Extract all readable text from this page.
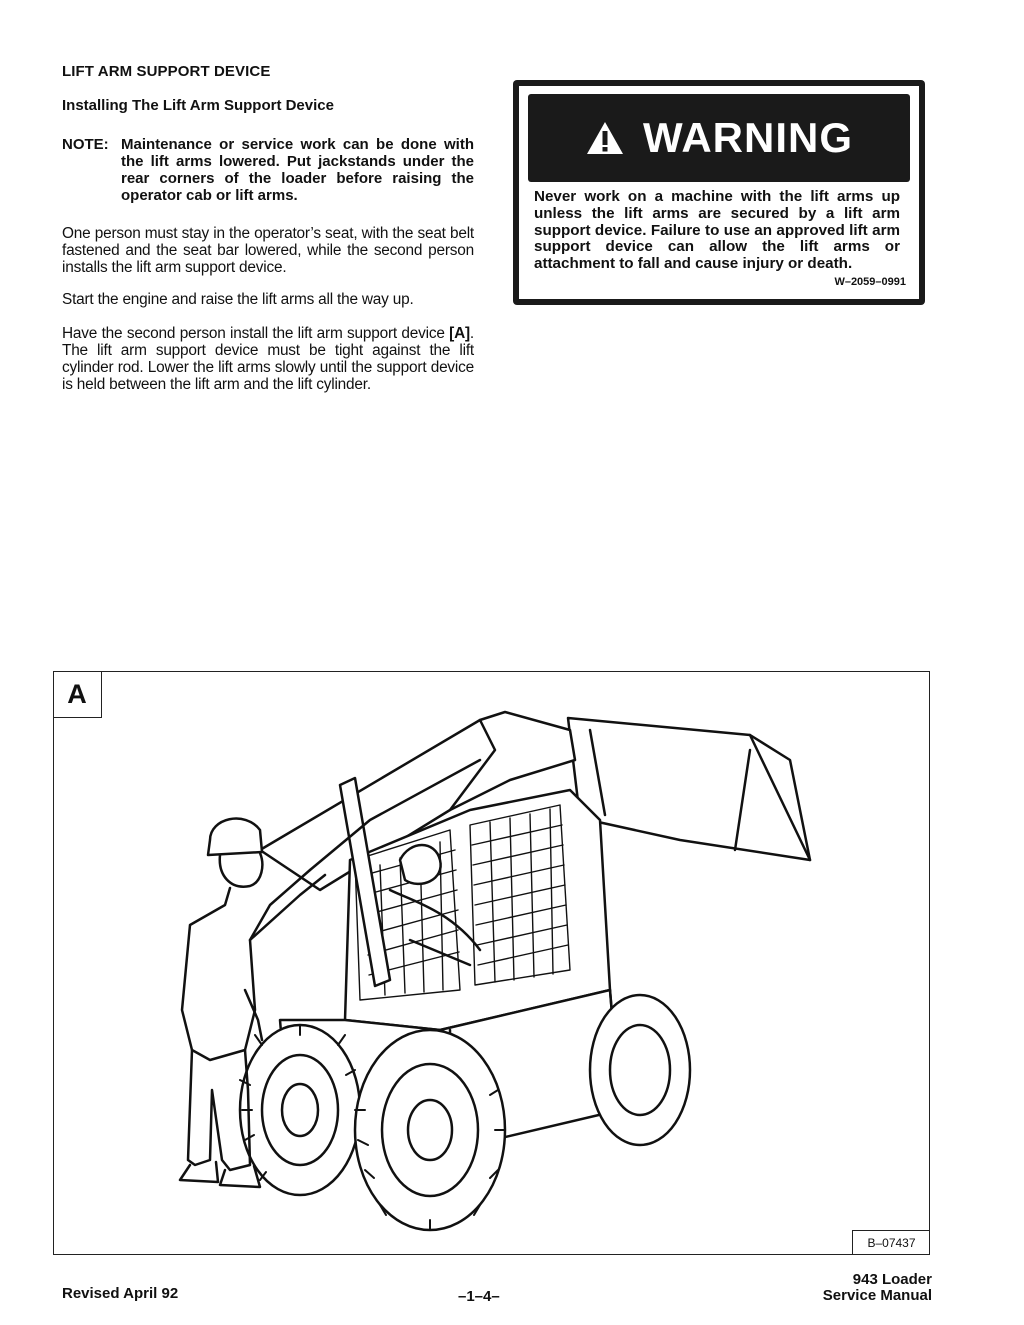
LIFT ARM SUPPORT DEVICE
Installing The Lift Arm Support Device
NOTE: Maintenance or service work can be done with the lift arms lowered. Put jackstands under the rear corners of the loader before raising the operator cab or lift arms.
One person must stay in the operator’s seat, with the seat belt fastened and the seat bar lowered, while the second person installs the lift arm support device.
Start the engine and raise the lift arms all the way up.
Have the second person install the lift arm support device [A]. The lift arm support device must be tight against the lift cylinder rod. Lower the lift arms slowly until the support device is held between the lift arm and the lift cylinder.
WARNING
Never work on a machine with the lift arms up unless the lift arms are secured by a lift arm support device. Failure to use an approved lift arm support device can allow the lift arms or attachment to fall and cause injury or death.
W–2059–0991
A
B–07437
Revised April 92	–1–4–
943 Loader
Service Manual
